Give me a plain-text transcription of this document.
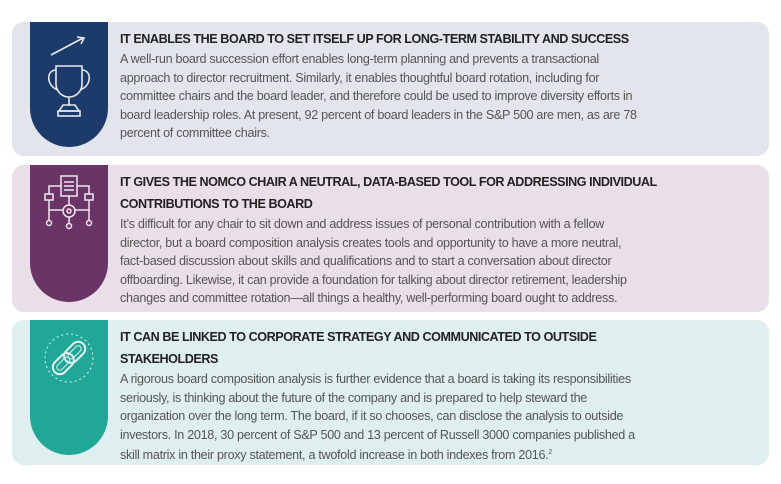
IT ENABLES THE BOARD TO SET ITSELF UP FOR LONG-TERM STABILITY AND SUCCESS
A well-run board succession effort enables long-term planning and prevents a transactional
approach to director recruitment. Similarly, it enables thoughtful board rotation, including for
committee chairs and the board leader, and therefore could be used to improve diversity efforts in
board leadership roles. At present, 92 percent of board leaders in the S&P 500 are men, as are 78
percent of committee chairs.
IT GIVES THE NOMCO CHAIR A NEUTRAL, DATA-BASED TOOL FOR ADDRESSING INDIVIDUAL
CONTRIBUTIONS TO THE BOARD
It’s difficult for any chair to sit down and address issues of personal contribution with a fellow
director, but a board composition analysis creates tools and opportunity to have a more neutral,
fact-based discussion about skills and qualifications and to start a conversation about director
offboarding. Likewise, it can provide a foundation for talking about director retirement, leadership
changes and committee rotation—all things a healthy, well-performing board ought to address.
IT CAN BE LINKED TO CORPORATE STRATEGY AND COMMUNICATED TO OUTSIDE
STAKEHOLDERS
A rigorous board composition analysis is further evidence that a board is taking its responsibilities
seriously, is thinking about the future of the company and is prepared to help steward the
organization over the long term. The board, if it so chooses, can disclose the analysis to outside
investors. In 2018, 30 percent of S&P 500 and 13 percent of Russell 3000 companies published a
skill matrix in their proxy statement, a twofold increase in both indexes from 2016.$^2$
